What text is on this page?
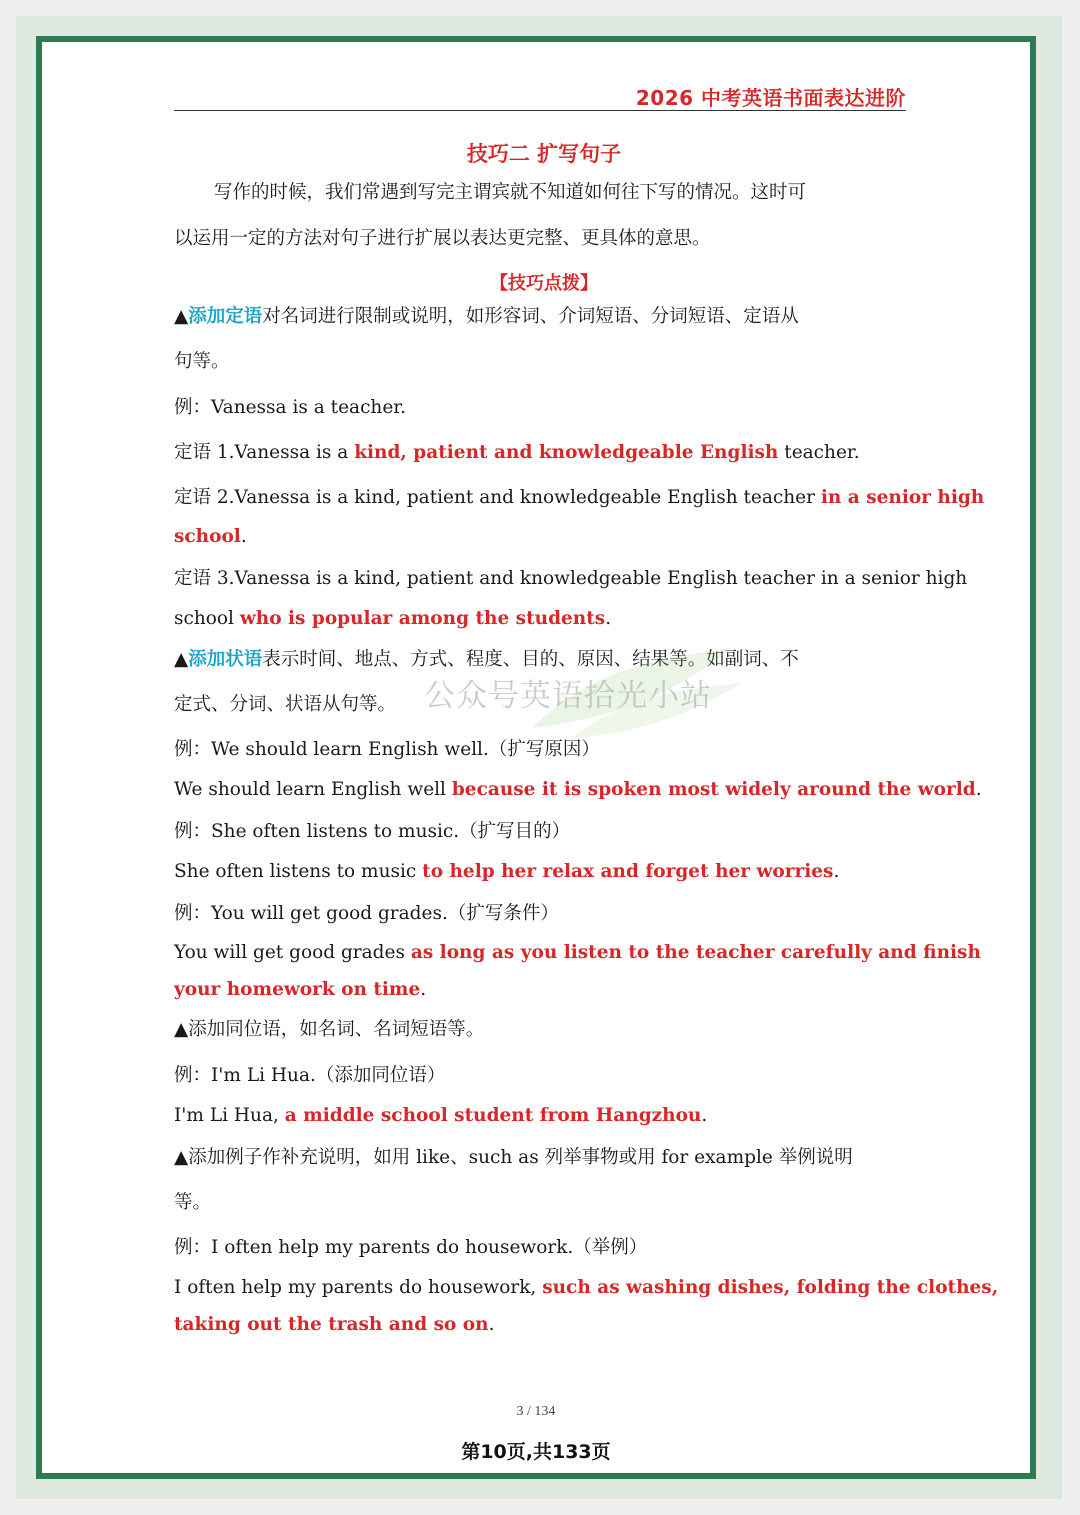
2026 中考英语书面表达进阶
技巧二 扩写句子
写作的时候，我们常遇到写完主谓宾就不知道如何往下写的情况。这时可
以运用一定的方法对句子进行扩展以表达更完整、更具体的意思。
【技巧点拨】
▲添加定语对名词进行限制或说明，如形容词、介词短语、分词短语、定语从
句等。
例：Vanessa is a teacher.
定语 1.Vanessa is a kind, patient and knowledgeable English teacher.
定语 2.Vanessa is a kind, patient and knowledgeable English teacher in a senior high
school.
定语 3.Vanessa is a kind, patient and knowledgeable English teacher in a senior high
school who is popular among the students.
▲添加状语表示时间、地点、方式、程度、目的、原因、结果等。如副词、不
定式、分词、状语从句等。
例：We should learn English well.（扩写原因）
We should learn English well because it is spoken most widely around the world.
例：She often listens to music.（扩写目的）
She often listens to music to help her relax and forget her worries.
例：You will get good grades.（扩写条件）
You will get good grades as long as you listen to the teacher carefully and finish
your homework on time.
▲添加同位语，如名词、名词短语等。
例：I'm Li Hua.（添加同位语）
I'm Li Hua, a middle school student from Hangzhou.
▲添加例子作补充说明，如用 like、such as 列举事物或用 for example 举例说明
等。
例：I often help my parents do housework.（举例）
I often help my parents do housework, such as washing dishes, folding the clothes,
taking out the trash and so on.
公众号英语拾光小站
3 / 134
第10页,共133页
